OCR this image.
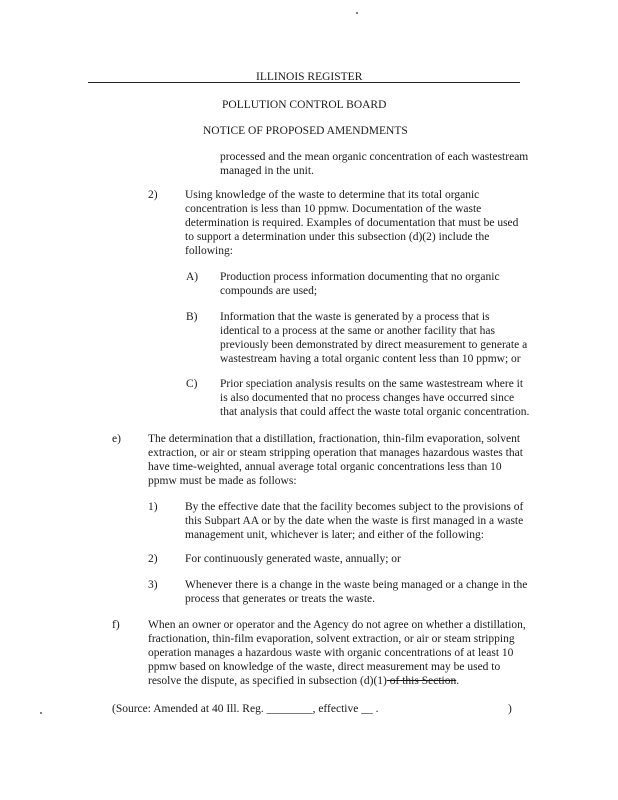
ILLINOIS REGISTER
POLLUTION CONTROL BOARD
NOTICE OF PROPOSED AMENDMENTS
processed and the mean organic concentration of each wastestream
managed in the unit.
2) Using knowledge of the waste to determine that its total organic
concentration is less than 10 ppmw. Documentation of the waste
determination is required. Examples of documentation that must be used
to support a determination under this subsection (d)(2) include the
following:
A) Production process information documenting that no organic
compounds are used;
B) Information that the waste is generated by a process that is
identical to a process at the same or another facility that has
previously been demonstrated by direct measurement to generate a
wastestream having a total organic content less than 10 ppmw; or
C) Prior speciation analysis results on the same wastestream where it
is also documented that no process changes have occurred since
that analysis that could affect the waste total organic concentration.
e) The determination that a distillation, fractionation, thin-film evaporation, solvent
extraction, or air or steam stripping operation that manages hazardous wastes that
have time-weighted, annual average total organic concentrations less than 10
ppmw must be made as follows:
1) By the effective date that the facility becomes subject to the provisions of
this Subpart AA or by the date when the waste is first managed in a waste
management unit, whichever is later; and either of the following:
2) For continuously generated waste, annually; or
3) Whenever there is a change in the waste being managed or a change in the
process that generates or treats the waste.
f) When an owner or operator and the Agency do not agree on whether a distillation,
fractionation, thin-film evaporation, solvent extraction, or air or steam stripping
operation manages a hazardous waste with organic concentrations of at least 10
ppmw based on knowledge of the waste, direct measurement may be used to
resolve the dispute, as specified in subsection (d)(1) of this Section.
(Source: Amended at 40 Ill. Reg. ________, effective __ .	)
